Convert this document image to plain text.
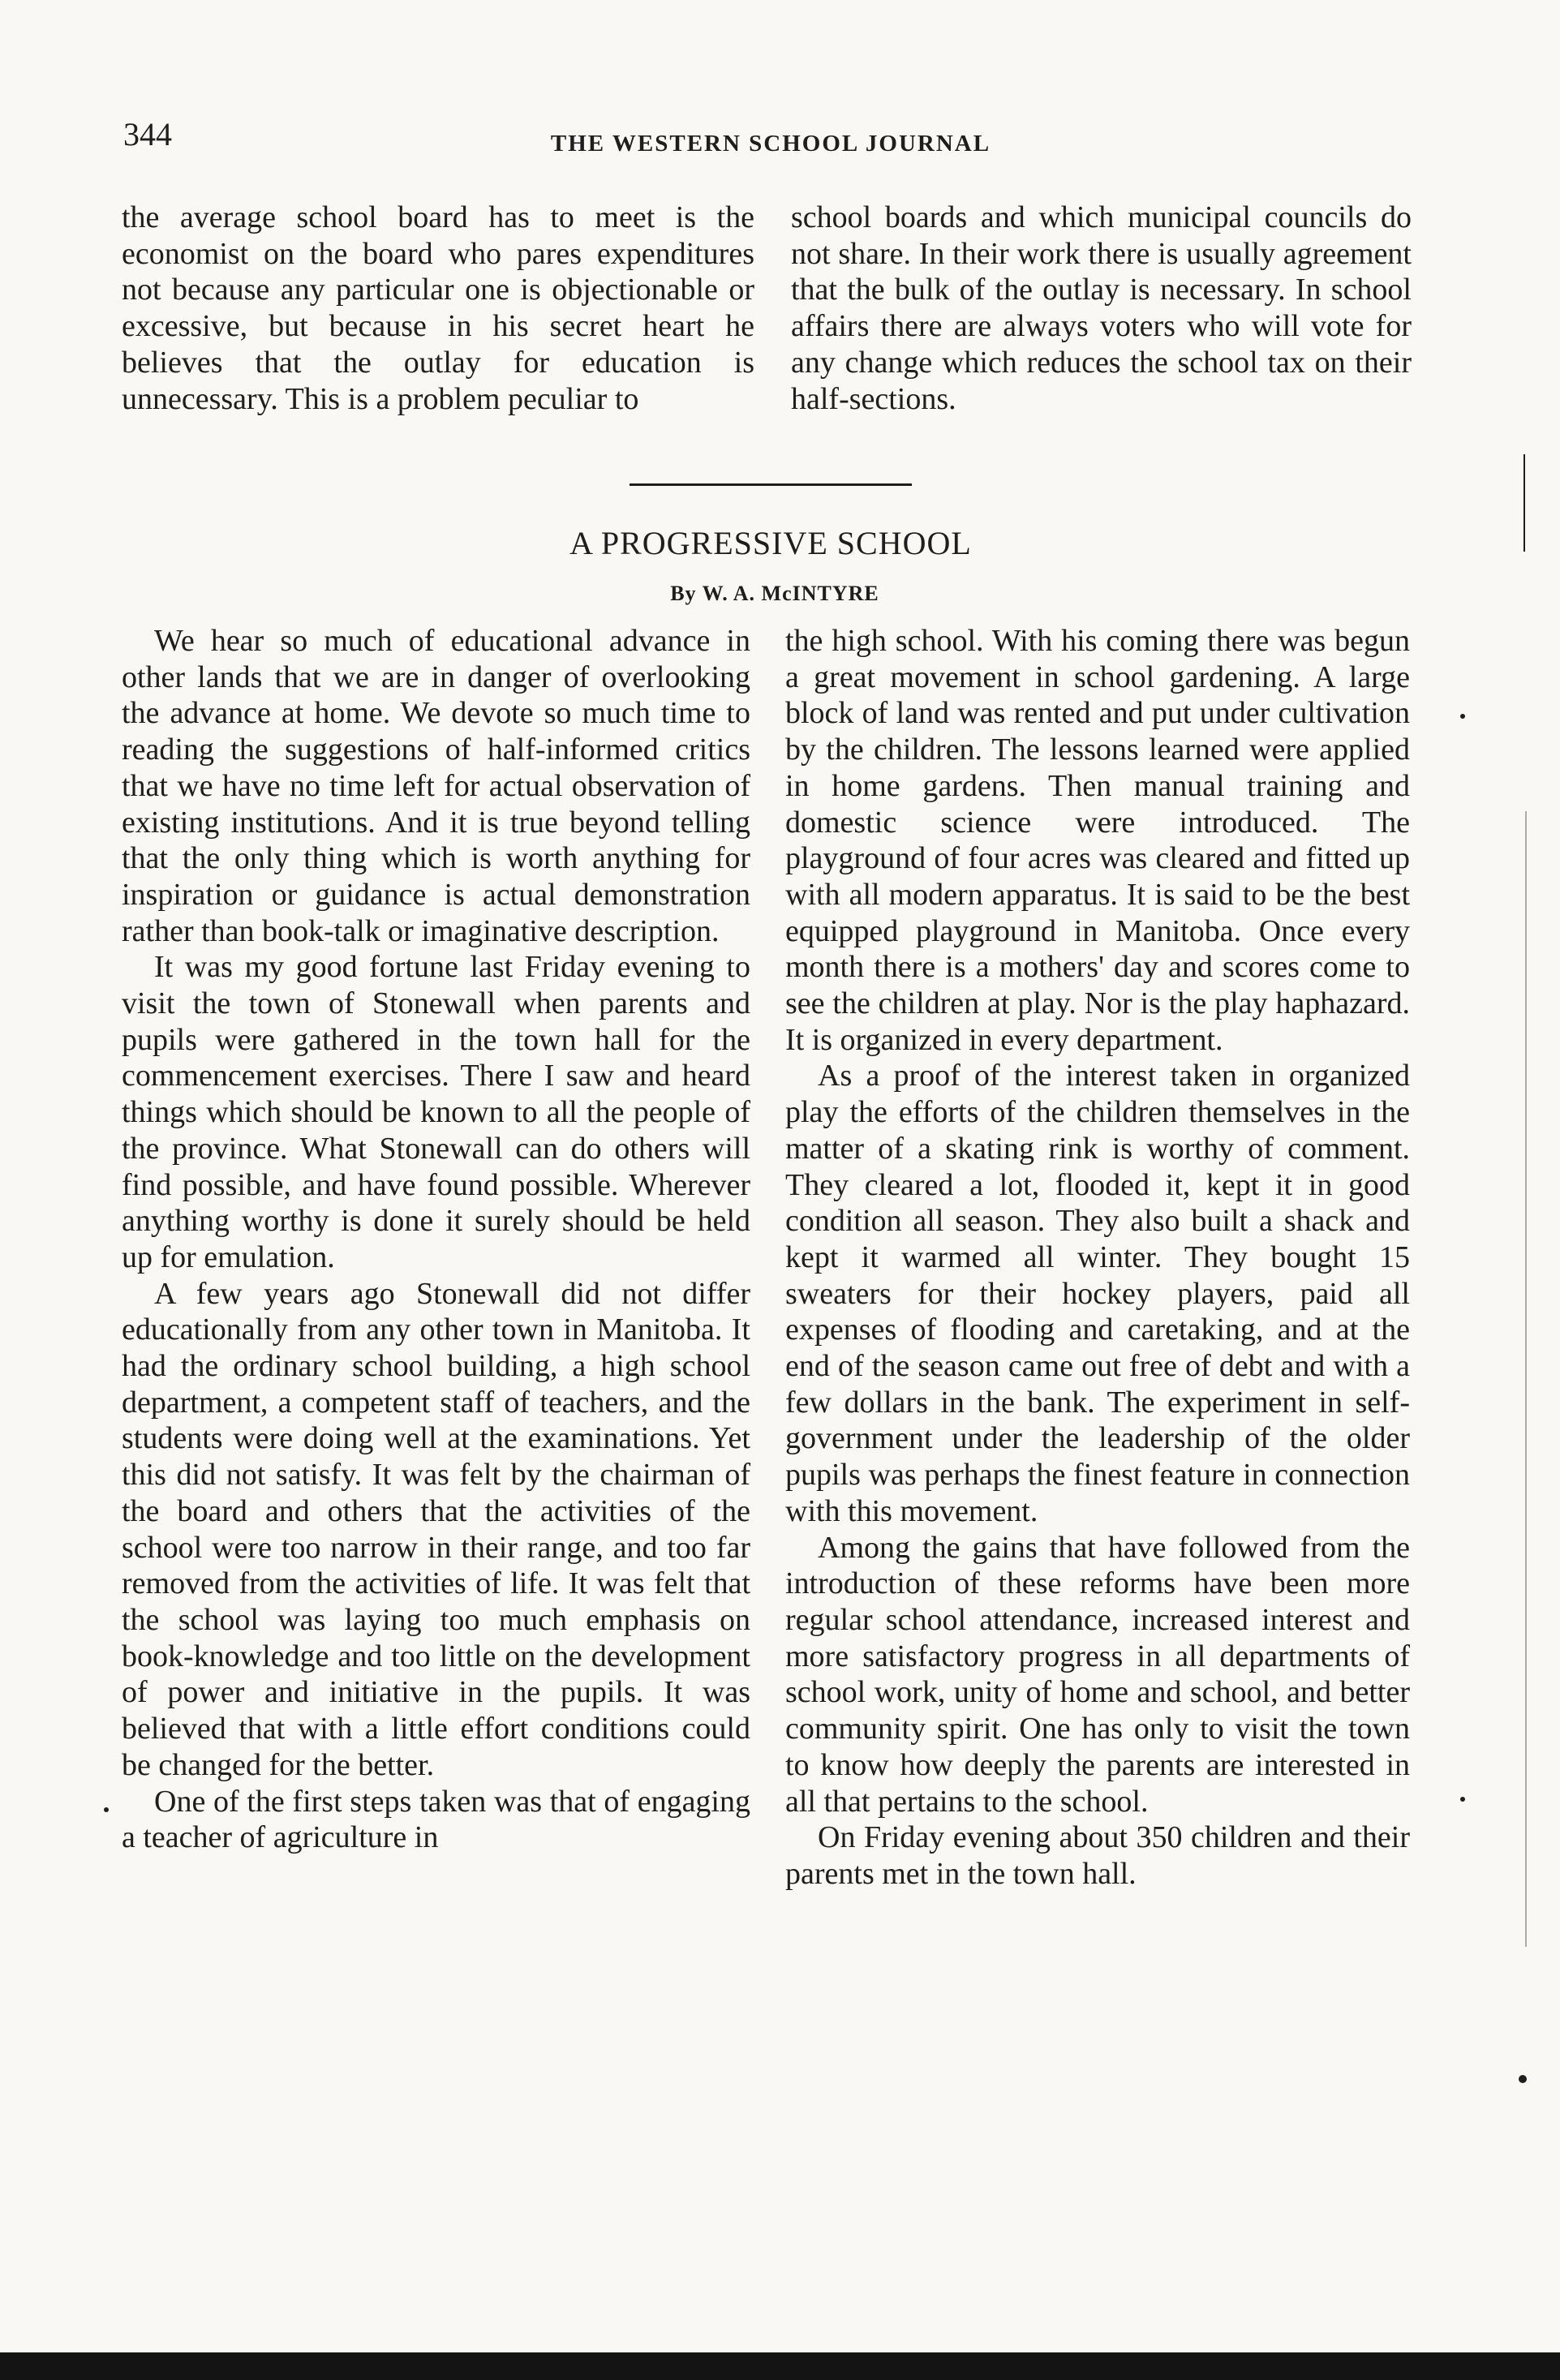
344	THE WESTERN SCHOOL JOURNAL

the average school board has to meet is the economist on the board who pares expenditures not because any particular one is objectionable or excessive, but because in his secret heart he believes that the outlay for education is unnecessary. This is a problem peculiar to

school boards and which municipal councils do not share. In their work there is usually agreement that the bulk of the outlay is necessary. In school affairs there are always voters who will vote for any change which reduces the school tax on their half-sections.

A PROGRESSIVE SCHOOL
By W. A. McINTYRE

We hear so much of educational advance in other lands that we are in danger of overlooking the advance at home. We devote so much time to reading the suggestions of half-informed critics that we have no time left for actual observation of existing institutions. And it is true beyond telling that the only thing which is worth anything for inspiration or guidance is actual demonstration rather than book-talk or imaginative description.

It was my good fortune last Friday evening to visit the town of Stonewall when parents and pupils were gathered in the town hall for the commencement exercises. There I saw and heard things which should be known to all the people of the province. What Stonewall can do others will find possible, and have found possible. Wherever anything worthy is done it surely should be held up for emulation.

A few years ago Stonewall did not differ educationally from any other town in Manitoba. It had the ordinary school building, a high school department, a competent staff of teachers, and the students were doing well at the examinations. Yet this did not satisfy. It was felt by the chairman of the board and others that the activities of the school were too narrow in their range, and too far removed from the activities of life. It was felt that the school was laying too much emphasis on book-knowledge and too little on the development of power and initiative in the pupils. It was believed that with a little effort conditions could be changed for the better.

One of the first steps taken was that of engaging a teacher of agriculture in

the high school. With his coming there was begun a great movement in school gardening. A large block of land was rented and put under cultivation by the children. The lessons learned were applied in home gardens. Then manual training and domestic science were introduced. The playground of four acres was cleared and fitted up with all modern apparatus. It is said to be the best equipped playground in Manitoba. Once every month there is a mothers' day and scores come to see the children at play. Nor is the play haphazard. It is organized in every department.

As a proof of the interest taken in organized play the efforts of the children themselves in the matter of a skating rink is worthy of comment. They cleared a lot, flooded it, kept it in good condition all season. They also built a shack and kept it warmed all winter. They bought 15 sweaters for their hockey players, paid all expenses of flooding and caretaking, and at the end of the season came out free of debt and with a few dollars in the bank. The experiment in self-government under the leadership of the older pupils was perhaps the finest feature in connection with this movement.

Among the gains that have followed from the introduction of these reforms have been more regular school attendance, increased interest and more satisfactory progress in all departments of school work, unity of home and school, and better community spirit. One has only to visit the town to know how deeply the parents are interested in all that pertains to the school.

On Friday evening about 350 children and their parents met in the town hall.
